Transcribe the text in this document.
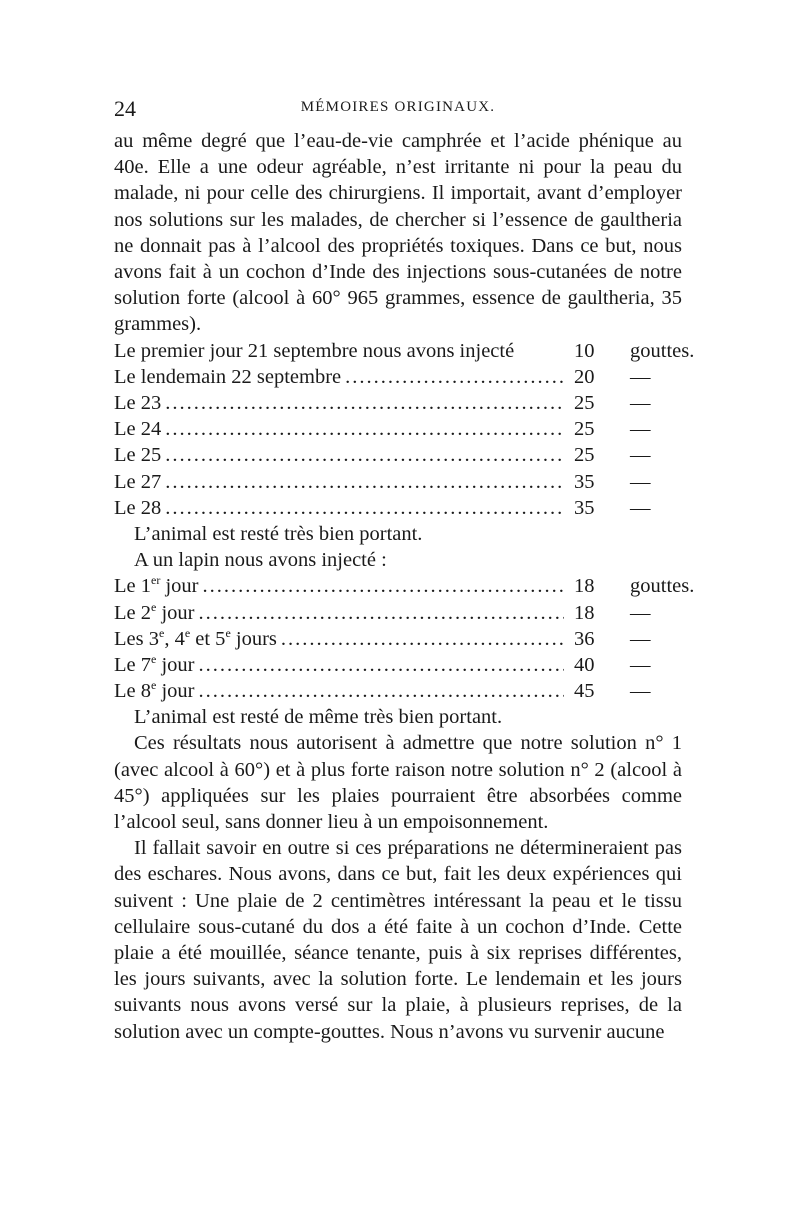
24	MÉMOIRES ORIGINAUX.

au même degré que l’eau-de-vie camphrée et l’acide phénique au 40e. Elle a une odeur agréable, n’est irritante ni pour la peau du malade, ni pour celle des chirurgiens. Il importait, avant d’employer nos solutions sur les malades, de chercher si l’essence de gaultheria ne donnait pas à l’alcool des propriétés toxiques. Dans ce but, nous avons fait à un cochon d’Inde des injections sous-cutanées de notre solution forte (alcool à 60° 965 grammes, essence de gaultheria, 35 grammes).

Le premier jour 21 septembre nous avons injecté	10	gouttes.
Le lendemain 22 septembre .....	20	—
Le 23 .....	25	—
Le 24 .....	25	—
Le 25 .....	25	—
Le 27 .....	35	—
Le 28 .....	35	—
L’animal est resté très bien portant.
A un lapin nous avons injecté :
Le 1er jour .....	18	gouttes.
Le 2e jour .....	18	—
Les 3e, 4e et 5e jours .....	36	—
Le 7e jour .....	40	—
Le 8e jour .....	45	—
L’animal est resté de même très bien portant.

Ces résultats nous autorisent à admettre que notre solution n° 1 (avec alcool à 60°) et à plus forte raison notre solution n° 2 (alcool à 45°) appliquées sur les plaies pourraient être absorbées comme l’alcool seul, sans donner lieu à un empoisonnement.

Il fallait savoir en outre si ces préparations ne détermineraient pas des eschares. Nous avons, dans ce but, fait les deux expériences qui suivent : Une plaie de 2 centimètres intéressant la peau et le tissu cellulaire sous-cutané du dos a été faite à un cochon d’Inde. Cette plaie a été mouillée, séance tenante, puis à six reprises différentes, les jours suivants, avec la solution forte. Le lendemain et les jours suivants nous avons versé sur la plaie, à plusieurs reprises, de la solution avec un compte-gouttes. Nous n’avons vu survenir aucune
